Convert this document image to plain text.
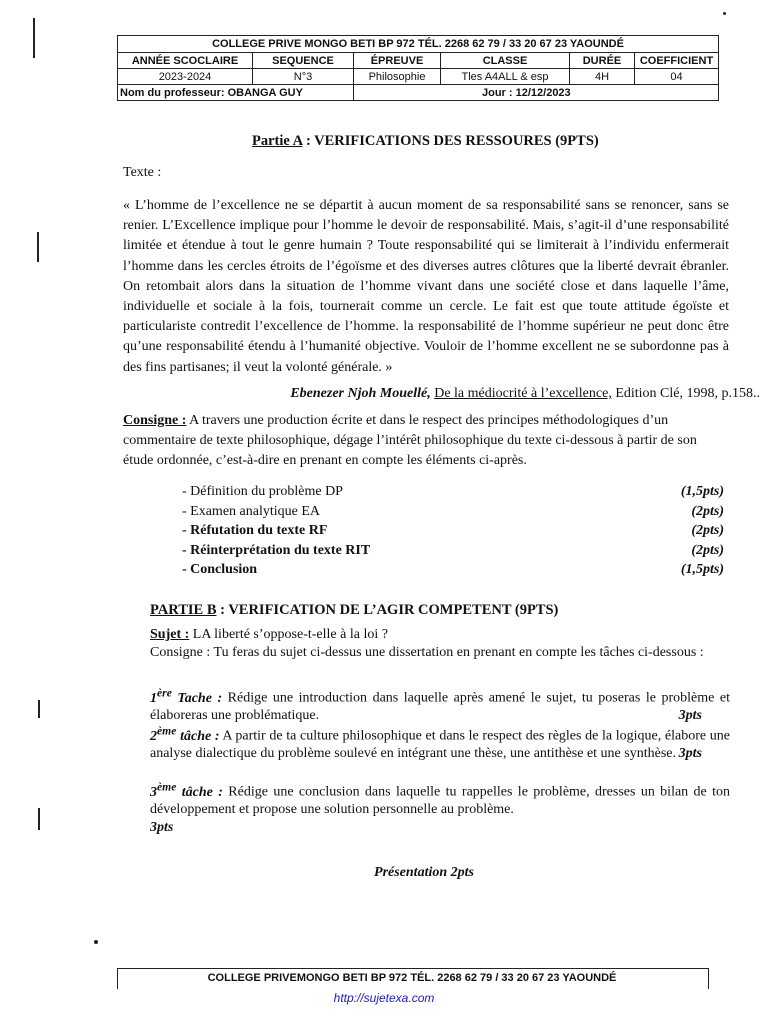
COLLEGE PRIVE MONGO BETI BP 972 TÉL. 2268 62 79 / 33 20 67 23 YAOUNDÉ					
ANNÉE SCOCLAIRE	SEQUENCE	ÉPREUVE	CLASSE	DURÉE	COEFFICIENT
2023-2024	N°3	Philosophie	Tles A4ALL & esp	4H	04
Nom du professeur: OBANGA GUY		Jour : 12/12/2023			
Partie A : VERIFICATIONS DES RESSOURES (9PTS)
Texte :
« L’homme de l’excellence ne se départit à aucun moment de sa responsabilité sans se renoncer, sans se renier. L’Excellence implique pour l’homme le devoir de responsabilité. Mais, s’agit-il d’une responsabilité limitée et étendue à tout le genre humain ? Toute responsabilité qui se limiterait à l’individu enfermerait l’homme dans les cercles étroits de l’égoïsme et des diverses autres clôtures que la liberté devrait ébranler. On retombait alors dans la situation de l’homme vivant dans une société close et dans laquelle l’âme, individuelle et sociale à la fois, tournerait comme un cercle. Le fait est que toute attitude égoïste et particulariste contredit l’excellence de l’homme. la responsabilité de l’homme supérieur ne peut donc être qu’une responsabilité étendu à l’humanité objective. Vouloir de l’homme excellent ne se subordonne pas à des fins partisanes; il veut la volonté générale. »
Ebenezer Njoh Mouellé, De la médiocrité à l’excellence, Edition Clé, 1998, p.158..
Consigne : A travers une production écrite et dans le respect des principes méthodologiques d’un commentaire de texte philosophique, dégage l’intérêt philosophique du texte ci-dessous à partir de son étude ordonnée, c’est-à-dire en prenant en compte les éléments ci-après.
- Définition du problème DP	(1,5pts)
- Examen analytique EA	(2pts)
- Réfutation du texte RF	(2pts)
- Réinterprétation du texte RIT	(2pts)
- Conclusion	(1,5pts)
PARTIE B : VERIFICATION DE L’AGIR COMPETENT (9PTS)
Sujet : LA liberté s’oppose-t-elle à la loi ?
Consigne : Tu feras du sujet ci-dessus une dissertation en prenant en compte les tâches ci-dessous :
1ère Tache : Rédige une introduction dans laquelle après amené le sujet, tu poseras le problème et élaboreras une problématique.	3pts
2ème tâche : A partir de ta culture philosophique et dans le respect des règles de la logique, élabore une analyse dialectique du problème soulevé en intégrant une thèse, une antithèse et une synthèse. 3pts
3ème tâche : Rédige une conclusion dans laquelle tu rappelles le problème, dresses un bilan de ton développement et propose une solution personnelle au problème.
3pts
Présentation 2pts
COLLEGE PRIVEMONGO BETI BP 972 TÉL. 2268 62 79 / 33 20 67 23 YAOUNDÉ
http://sujetexa.com
